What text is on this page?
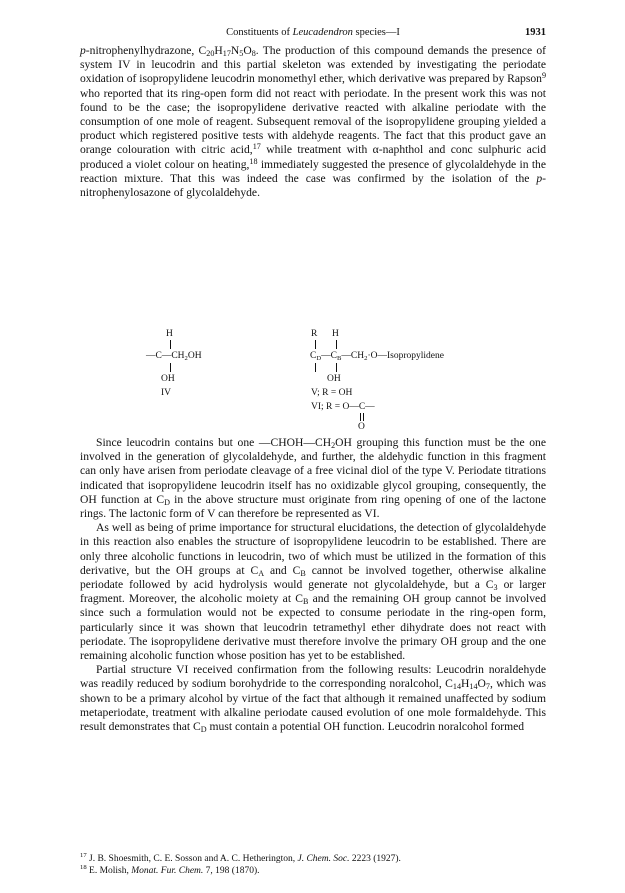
Constituents of Leucadendron species—I	1931

p-nitrophenylhydrazone, $C_{20}H_{17}N_5O_8$. The production of this compound demands the presence of system IV in leucodrin and this partial skeleton was extended by investigating the periodate oxidation of isopropylidene leucodrin monomethyl ether, which derivative was prepared by Rapson$^9$ who reported that its ring-open form did not react with periodate. In the present work this was not found to be the case; the isopropylidene derivative reacted with alkaline periodate with the consumption of one mole of reagent. Subsequent removal of the isopropylidene grouping yielded a product which registered positive tests with aldehyde reagents. The fact that this product gave an orange colouration with citric acid,$^{17}$ while treatment with α-naphthol and conc sulphuric acid produced a violet colour on heating,$^{18}$ immediately suggested the presence of glycolaldehyde in the reaction mixture. That this was indeed the case was confirmed by the isolation of the p-nitrophenylosazone of glycolaldehyde.

H
$—C—CH_2OH$
OH
IV
R H
$C_D—C_B—CH_2\cdot O—Isopropylidene$
OH
V; R = OH
VI; R = O—C—
O

Since leucodrin contains but one $—CHOH—CH_2OH$ grouping this function must be the one involved in the generation of glycolaldehyde, and further, the aldehydic function in this fragment can only have arisen from periodate cleavage of a free vicinal diol of the type V. Periodate titrations indicated that isopropylidene leucodrin itself has no oxidizable glycol grouping, consequently, the OH function at $C_D$ in the above structure must originate from ring opening of one of the lactone rings. The lactonic form of V can therefore be represented as VI.

As well as being of prime importance for structural elucidations, the detection of glycolaldehyde in this reaction also enables the structure of isopropylidene leucodrin to be established. There are only three alcoholic functions in leucodrin, two of which must be utilized in the formation of this derivative, but the OH groups at $C_A$ and $C_B$ cannot be involved together, otherwise alkaline periodate followed by acid hydrolysis would generate not glycolaldehyde, but a $C_3$ or larger fragment. Moreover, the alcoholic moiety at $C_B$ and the remaining OH group cannot be involved since such a formulation would not be expected to consume periodate in the ring-open form, particularly since it was shown that leucodrin tetramethyl ether dihydrate does not react with periodate. The isopropylidene derivative must therefore involve the primary OH group and the one remaining alcoholic function whose position has yet to be established.

Partial structure VI received confirmation from the following results: Leucodrin noraldehyde was readily reduced by sodium borohydride to the corresponding noralcohol, $C_{14}H_{14}O_7$, which was shown to be a primary alcohol by virtue of the fact that although it remained unaffected by sodium metaperiodate, treatment with alkaline periodate caused evolution of one mole formaldehyde. This result demonstrates that $C_D$ must contain a potential OH function. Leucodrin noralcohol formed

$^{17}$ J. B. Shoesmith, C. E. Sosson and A. C. Hetherington, J. Chem. Soc. 2223 (1927).

$^{18}$ E. Molish, Monat. Fur. Chem. 7, 198 (1870).
